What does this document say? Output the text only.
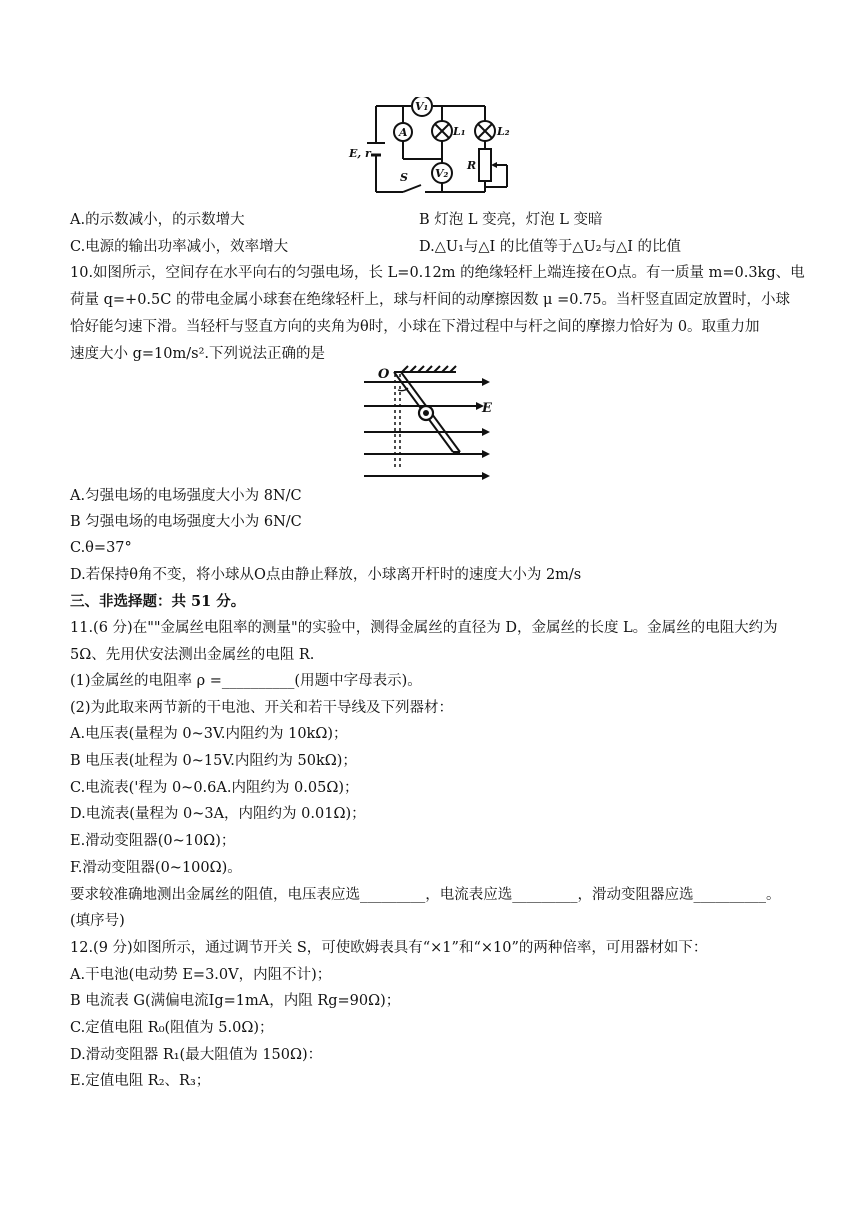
V₁
A	L₁	L₂
R
E, r
S V₂
A.的示数减小，的示数增大	B 灯泡 L 变亮，灯泡 L 变暗
C.电源的输出功率减小，效率增大	D.△U₁与△I 的比值等于△U₂与△I 的比值
10.如图所示，空间存在水平向右的匀强电场，长 L=0.12m 的绝缘轻杆上端连接在O点。有一质量 m=0.3kg、电
荷量 q=+0.5C 的带电金属小球套在绝缘轻杆上，球与杆间的动摩擦因数 μ =0.75。当杆竖直固定放置时，小球
恰好能匀速下滑。当轻杆与竖直方向的夹角为θ时，小球在下滑过程中与杆之间的摩擦力恰好为 0。取重力加
速度大小 g=10m/s².下列说法正确的是
O
E
A.匀强电场的电场强度大小为 8N/C
B 匀强电场的电场强度大小为 6N/C
C.θ=37°
D.若保持θ角不变，将小球从O点由静止释放，小球离开杆时的速度大小为 2m/s
三、非选择题：共 51 分。
11.(6 分)在""金属丝电阻率的测量"的实验中，测得金属丝的直径为 D，金属丝的长度 L。金属丝的电阻大约为
5Ω、先用伏安法测出金属丝的电阻 R.
(1)金属丝的电阻率 ρ =__________(用题中字母表示)。
(2)为此取来两节新的干电池、开关和若干导线及下列器材：
A.电压表(量程为 0~3V.内阻约为 10kΩ)；
B 电压表(址程为 0~15V.内阻约为 50kΩ)；
C.电流表('程为 0~0.6A.内阻约为 0.05Ω)；
D.电流表(量程为 0~3A，内阻约为 0.01Ω)；
E.滑动变阻器(0~10Ω)；
F.滑动变阻器(0~100Ω)。
要求较准确地测出金属丝的阻值，电压表应选_________，电流表应选_________，滑动变阻器应选__________。
(填序号)
12.(9 分)如图所示，通过调节开关 S，可使欧姆表具有“×1”和“×10”的两种倍率，可用器材如下：
A.干电池(电动势 E=3.0V，内阻不计)；
B 电流表 G(满偏电流Ⅰg=1mA，内阻 Rg=90Ω)；
C.定值电阻 R₀(阻值为 5.0Ω)；
D.滑动变阻器 R₁(最大阻值为 150Ω)：
E.定值电阻 R₂、R₃；
